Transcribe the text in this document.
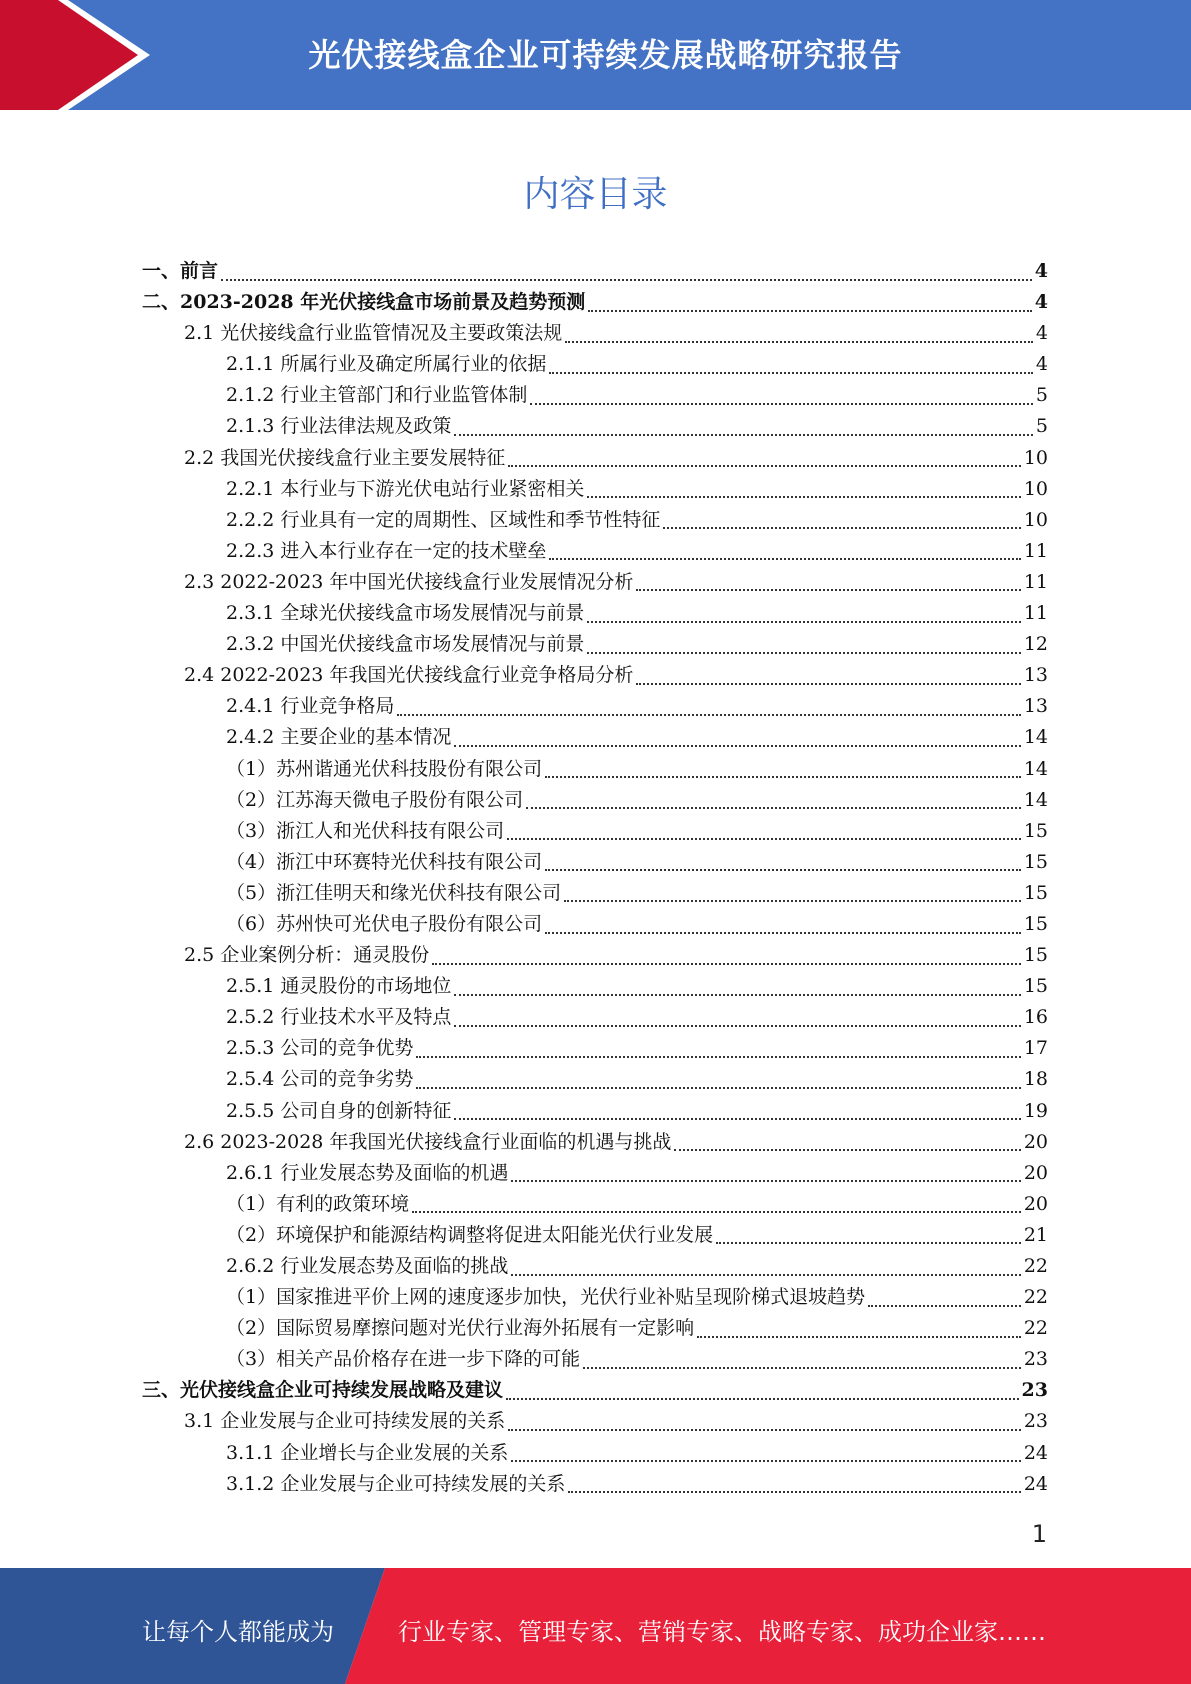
光伏接线盒企业可持续发展战略研究报告
内容目录
一、前言	4
二、2023-2028 年光伏接线盒市场前景及趋势预测	4
2.1 光伏接线盒行业监管情况及主要政策法规	4
2.1.1 所属行业及确定所属行业的依据	4
2.1.2 行业主管部门和行业监管体制	5
2.1.3 行业法律法规及政策	5
2.2 我国光伏接线盒行业主要发展特征	10
2.2.1 本行业与下游光伏电站行业紧密相关	10
2.2.2 行业具有一定的周期性、区域性和季节性特征	10
2.2.3 进入本行业存在一定的技术壁垒	11
2.3 2022-2023 年中国光伏接线盒行业发展情况分析	11
2.3.1 全球光伏接线盒市场发展情况与前景	11
2.3.2 中国光伏接线盒市场发展情况与前景	12
2.4 2022-2023 年我国光伏接线盒行业竞争格局分析	13
2.4.1 行业竞争格局	13
2.4.2 主要企业的基本情况	14
（1）苏州谐通光伏科技股份有限公司	14
（2）江苏海天微电子股份有限公司	14
（3）浙江人和光伏科技有限公司	15
（4）浙江中环赛特光伏科技有限公司	15
（5）浙江佳明天和缘光伏科技有限公司	15
（6）苏州快可光伏电子股份有限公司	15
2.5 企业案例分析：通灵股份	15
2.5.1 通灵股份的市场地位	15
2.5.2 行业技术水平及特点	16
2.5.3 公司的竞争优势	17
2.5.4 公司的竞争劣势	18
2.5.5 公司自身的创新特征	19
2.6 2023-2028 年我国光伏接线盒行业面临的机遇与挑战	20
2.6.1 行业发展态势及面临的机遇	20
（1）有利的政策环境	20
（2）环境保护和能源结构调整将促进太阳能光伏行业发展	21
2.6.2 行业发展态势及面临的挑战	22
（1）国家推进平价上网的速度逐步加快，光伏行业补贴呈现阶梯式退坡趋势	22
（2）国际贸易摩擦问题对光伏行业海外拓展有一定影响	22
（3）相关产品价格存在进一步下降的可能	23
三、光伏接线盒企业可持续发展战略及建议	23
3.1 企业发展与企业可持续发展的关系	23
3.1.1 企业增长与企业发展的关系	24
3.1.2 企业发展与企业可持续发展的关系	24
1
让每个人都能成为	行业专家、管理专家、营销专家、战略专家、成功企业家……
